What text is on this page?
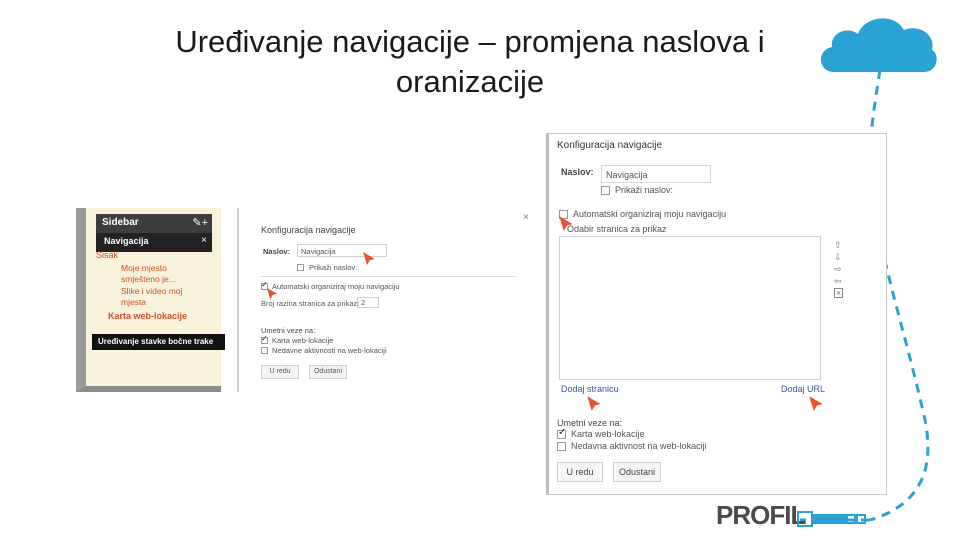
Uređivanje navigacije – promjena naslova i
oranizacije
Sidebar	✎+
Navigacija	×
Sisak
Moje mjesto smješteno je...
Slike i video moj mjesta
Karta web-lokacije
Uređivanje stavke bočne trake
Konfiguracija navigacije
×
Naslov: Navigacija
Prikaži naslov:
✓
Automatski organiziraj moju navigaciju
Broj razina stranica za prikaz: 2
Umetni veze na:
✓
Karta web-lokacije
Nedavne aktivnosti na web-lokaciji
U redu	Odustani
Konfiguracija navigacije
Naslov: Navigacija
Prikaži naslov:
Automatski organiziraj moju navigaciju
Odabir stranica za prikaz
⇧
⇩
⇨
⇦
×
Dodaj stranicu	Dodaj URL
Umetni veze na:
✓
Karta web-lokacije
Nedavna aktivnost na web-lokaciji
U redu	Odustani
PROFIL
